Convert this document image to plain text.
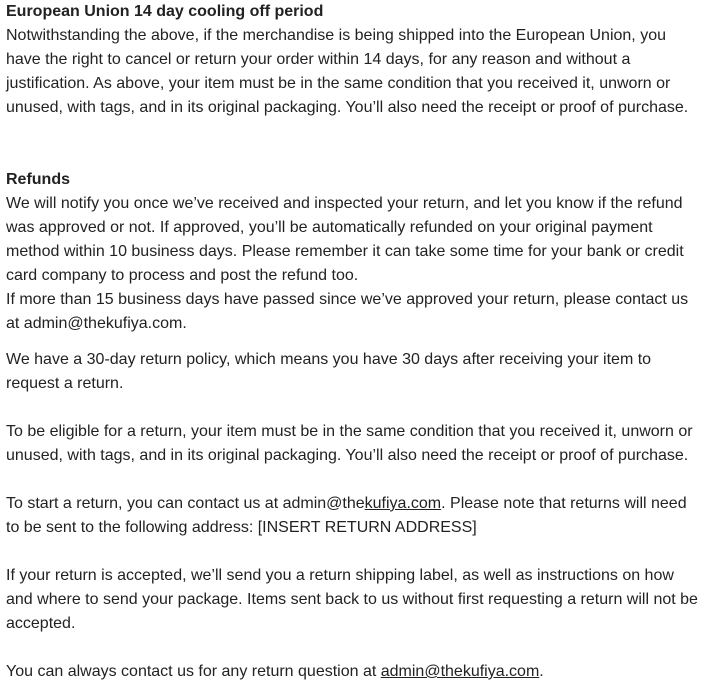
European Union 14 day cooling off period
Notwithstanding the above, if the merchandise is being shipped into the European Union, you have the right to cancel or return your order within 14 days, for any reason and without a justification. As above, your item must be in the same condition that you received it, unworn or unused, with tags, and in its original packaging. You’ll also need the receipt or proof of purchase.
Refunds
We will notify you once we’ve received and inspected your return, and let you know if the refund was approved or not. If approved, you’ll be automatically refunded on your original payment method within 10 business days. Please remember it can take some time for your bank or credit card company to process and post the refund too.
If more than 15 business days have passed since we’ve approved your return, please contact us at admin@thekufiya.com.

We have a 30-day return policy, which means you have 30 days after receiving your item to request a return.

To be eligible for a return, your item must be in the same condition that you received it, unworn or unused, with tags, and in its original packaging. You’ll also need the receipt or proof of purchase.

To start a return, you can contact us at admin@thekufiya.com. Please note that returns will need to be sent to the following address: [INSERT RETURN ADDRESS]

If your return is accepted, we’ll send you a return shipping label, as well as instructions on how and where to send your package. Items sent back to us without first requesting a return will not be accepted.

You can always contact us for any return question at admin@thekufiya.com.
